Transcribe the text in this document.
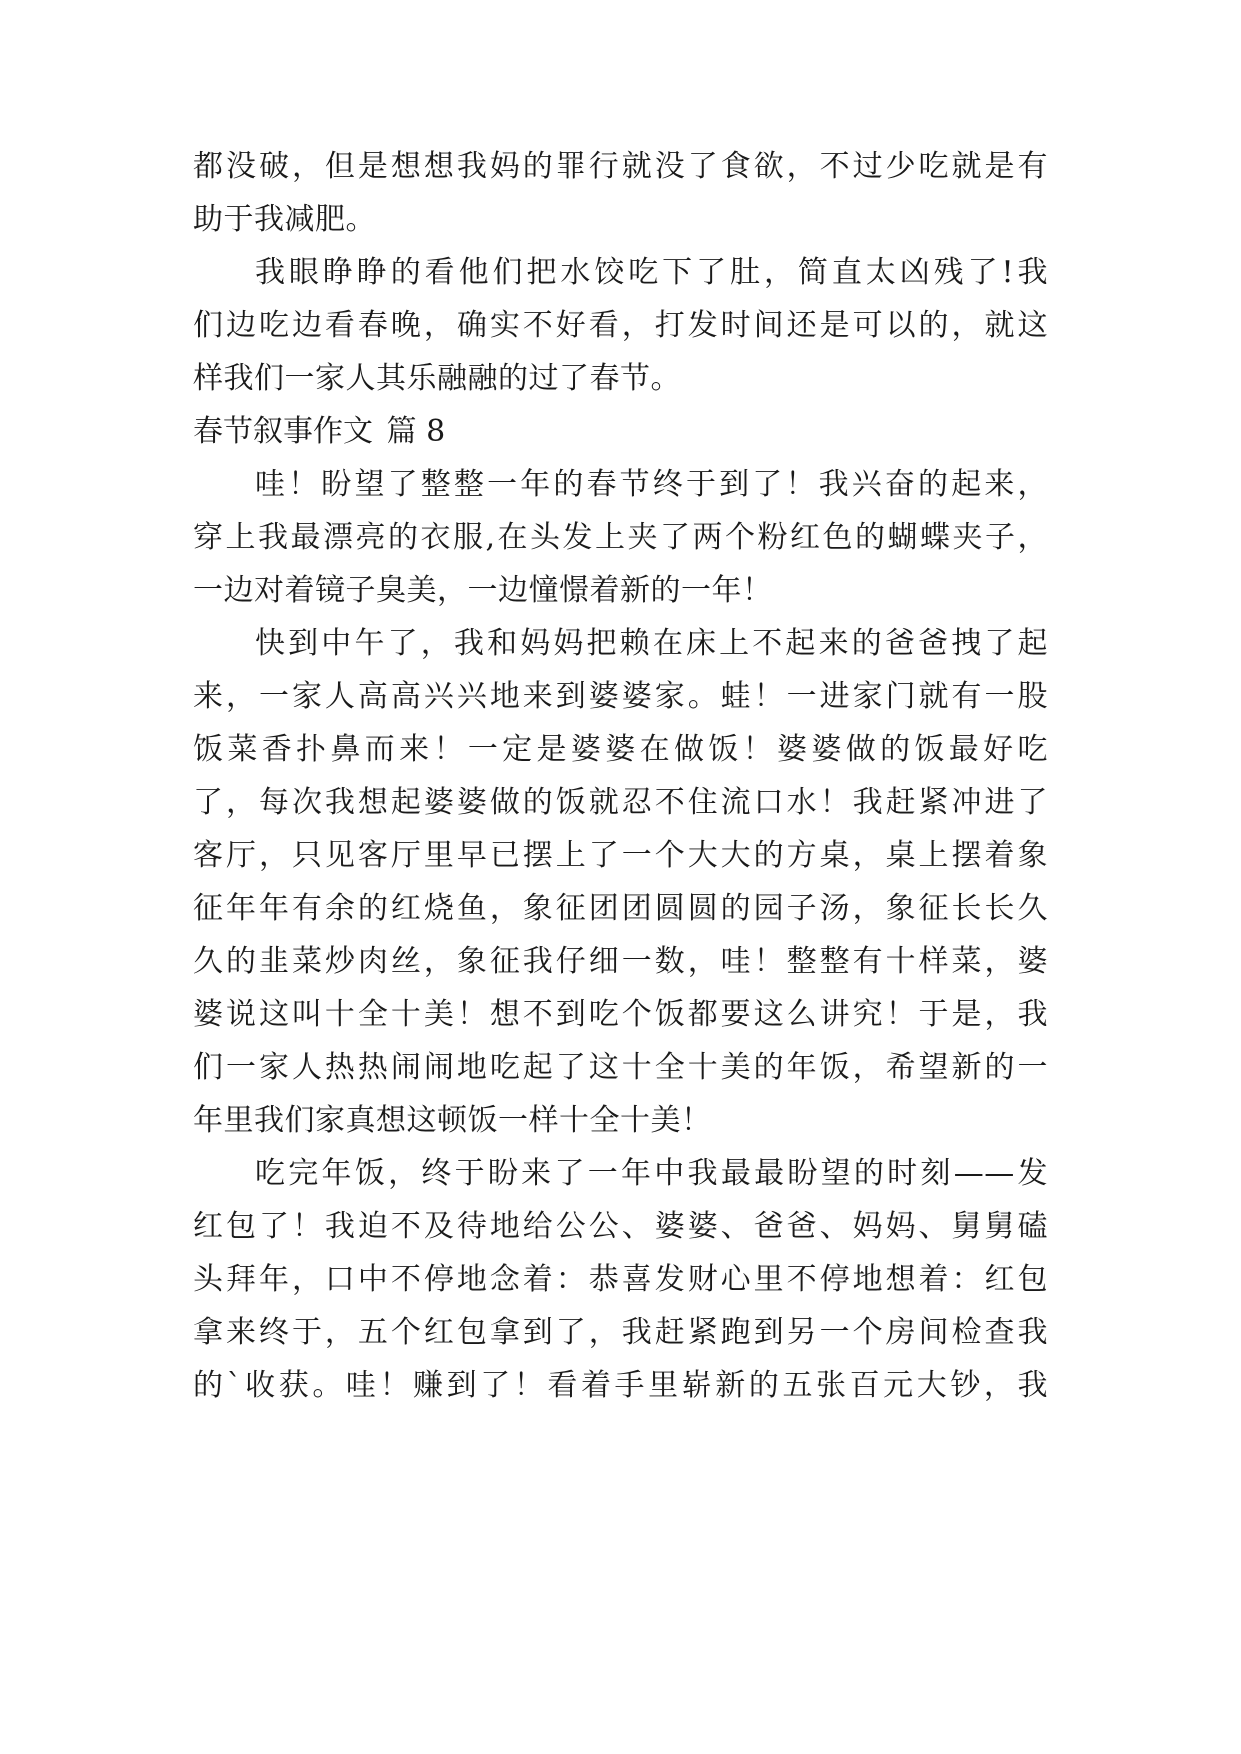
都没破，但是想想我妈的罪行就没了食欲，不过少吃就是有
助于我减肥。
我眼睁睁的看他们把水饺吃下了肚，简直太凶残了!我
们边吃边看春晚，确实不好看，打发时间还是可以的，就这
样我们一家人其乐融融的过了春节。
春节叙事作文 篇 8
哇！盼望了整整一年的春节终于到了！我兴奋的起来，
穿上我最漂亮的衣服,在头发上夹了两个粉红色的蝴蝶夹子，
一边对着镜子臭美，一边憧憬着新的一年！
快到中午了，我和妈妈把赖在床上不起来的爸爸拽了起
来，一家人高高兴兴地来到婆婆家。蛙！一进家门就有一股
饭菜香扑鼻而来！一定是婆婆在做饭！婆婆做的饭最好吃
了，每次我想起婆婆做的饭就忍不住流口水！我赶紧冲进了
客厅，只见客厅里早已摆上了一个大大的方桌，桌上摆着象
征年年有余的红烧鱼，象征团团圆圆的园子汤，象征长长久
久的韭菜炒肉丝，象征我仔细一数，哇！整整有十样菜，婆
婆说这叫十全十美！想不到吃个饭都要这么讲究！于是，我
们一家人热热闹闹地吃起了这十全十美的年饭，希望新的一
年里我们家真想这顿饭一样十全十美！
吃完年饭，终于盼来了一年中我最最盼望的时刻——发
红包了！我迫不及待地给公公、婆婆、爸爸、妈妈、舅舅磕
头拜年，口中不停地念着：恭喜发财心里不停地想着：红包
拿来终于，五个红包拿到了，我赶紧跑到另一个房间检查我
的`收获。哇！赚到了！看着手里崭新的五张百元大钞，我
